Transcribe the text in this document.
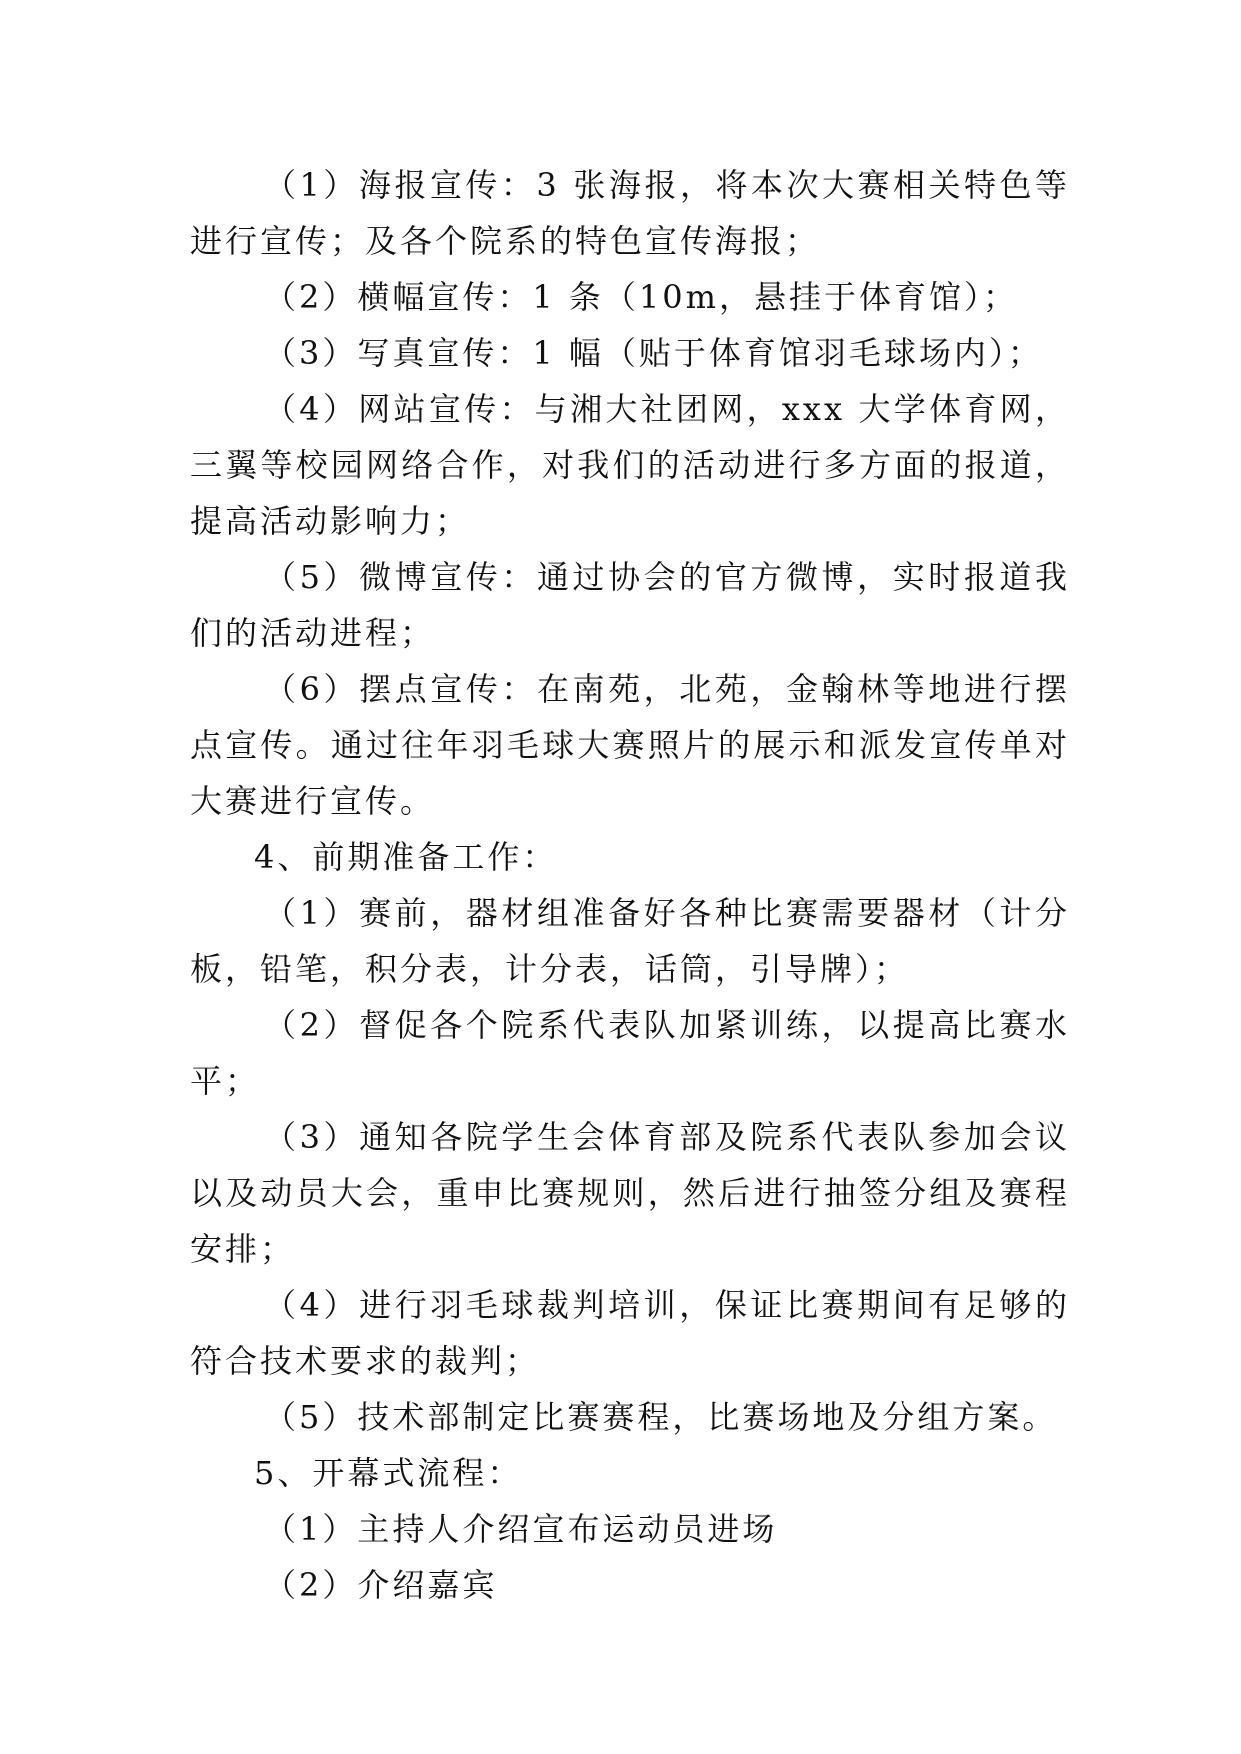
（1）海报宣传：3 张海报，将本次大赛相关特色等进行宣传；及各个院系的特色宣传海报；

（2）横幅宣传：1 条（10m，悬挂于体育馆）；

（3）写真宣传：1 幅（贴于体育馆羽毛球场内）；

（4）网站宣传：与湘大社团网，xxx 大学体育网，三翼等校园网络合作，对我们的活动进行多方面的报道，提高活动影响力；

（5）微博宣传：通过协会的官方微博，实时报道我们的活动进程；

（6）摆点宣传：在南苑，北苑，金翰林等地进行摆点宣传。通过往年羽毛球大赛照片的展示和派发宣传单对大赛进行宣传。

4、前期准备工作：

（1）赛前，器材组准备好各种比赛需要器材（计分板，铅笔，积分表，计分表，话筒，引导牌）；

（2）督促各个院系代表队加紧训练，以提高比赛水平；

（3）通知各院学生会体育部及院系代表队参加会议以及动员大会，重申比赛规则，然后进行抽签分组及赛程安排；

（4）进行羽毛球裁判培训，保证比赛期间有足够的符合技术要求的裁判；

（5）技术部制定比赛赛程，比赛场地及分组方案。

5、开幕式流程：

（1）主持人介绍宣布运动员进场

（2）介绍嘉宾
